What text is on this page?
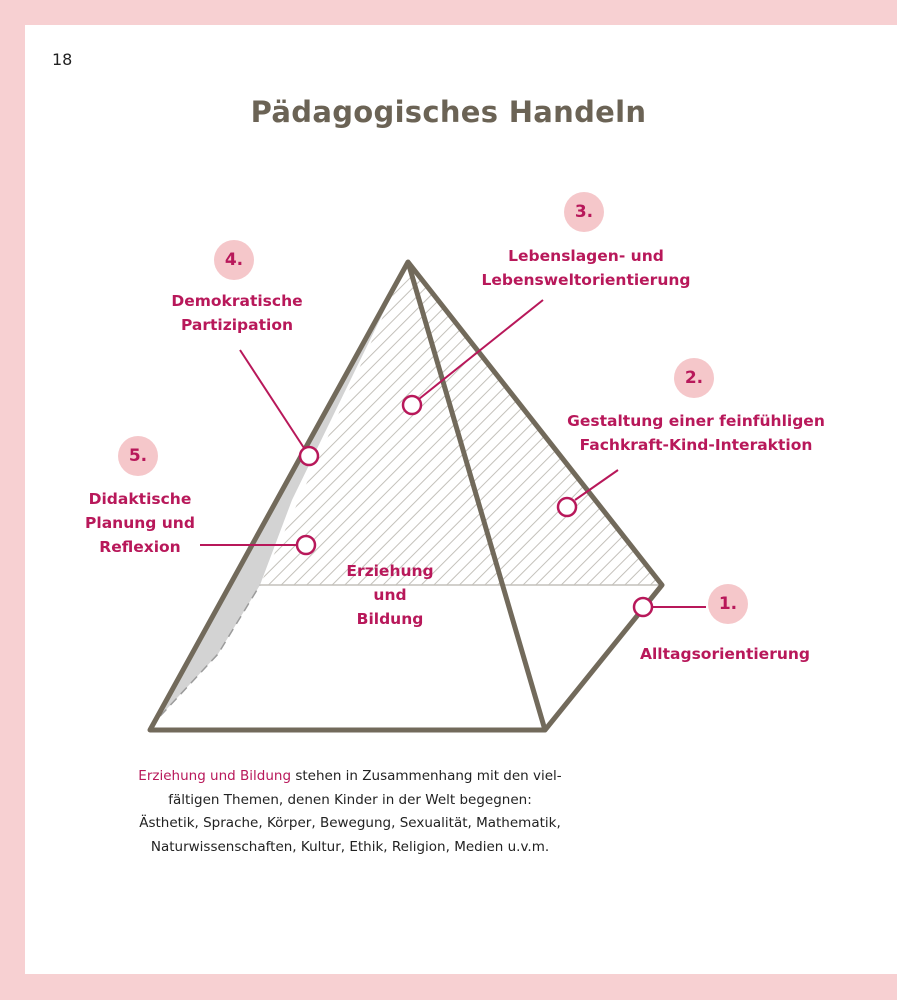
18
Pädagogisches Handeln
Erziehung
und
Bildung
1.
Alltagsorientierung
2.
Gestaltung einer feinfühligen
Fachkraft-Kind-Interaktion
3.
Lebenslagen- und
Lebensweltorientierung
4.
Demokratische
Partizipation
5.
Didaktische
Planung und
Reflexion
Erziehung und Bildung stehen in Zusammenhang mit den viel-
fältigen Themen, denen Kinder in der Welt begegnen:
Ästhetik, Sprache, Körper, Bewegung, Sexualität, Mathematik,
Naturwissenschaften, Kultur, Ethik, Religion, Medien u.v.m.
